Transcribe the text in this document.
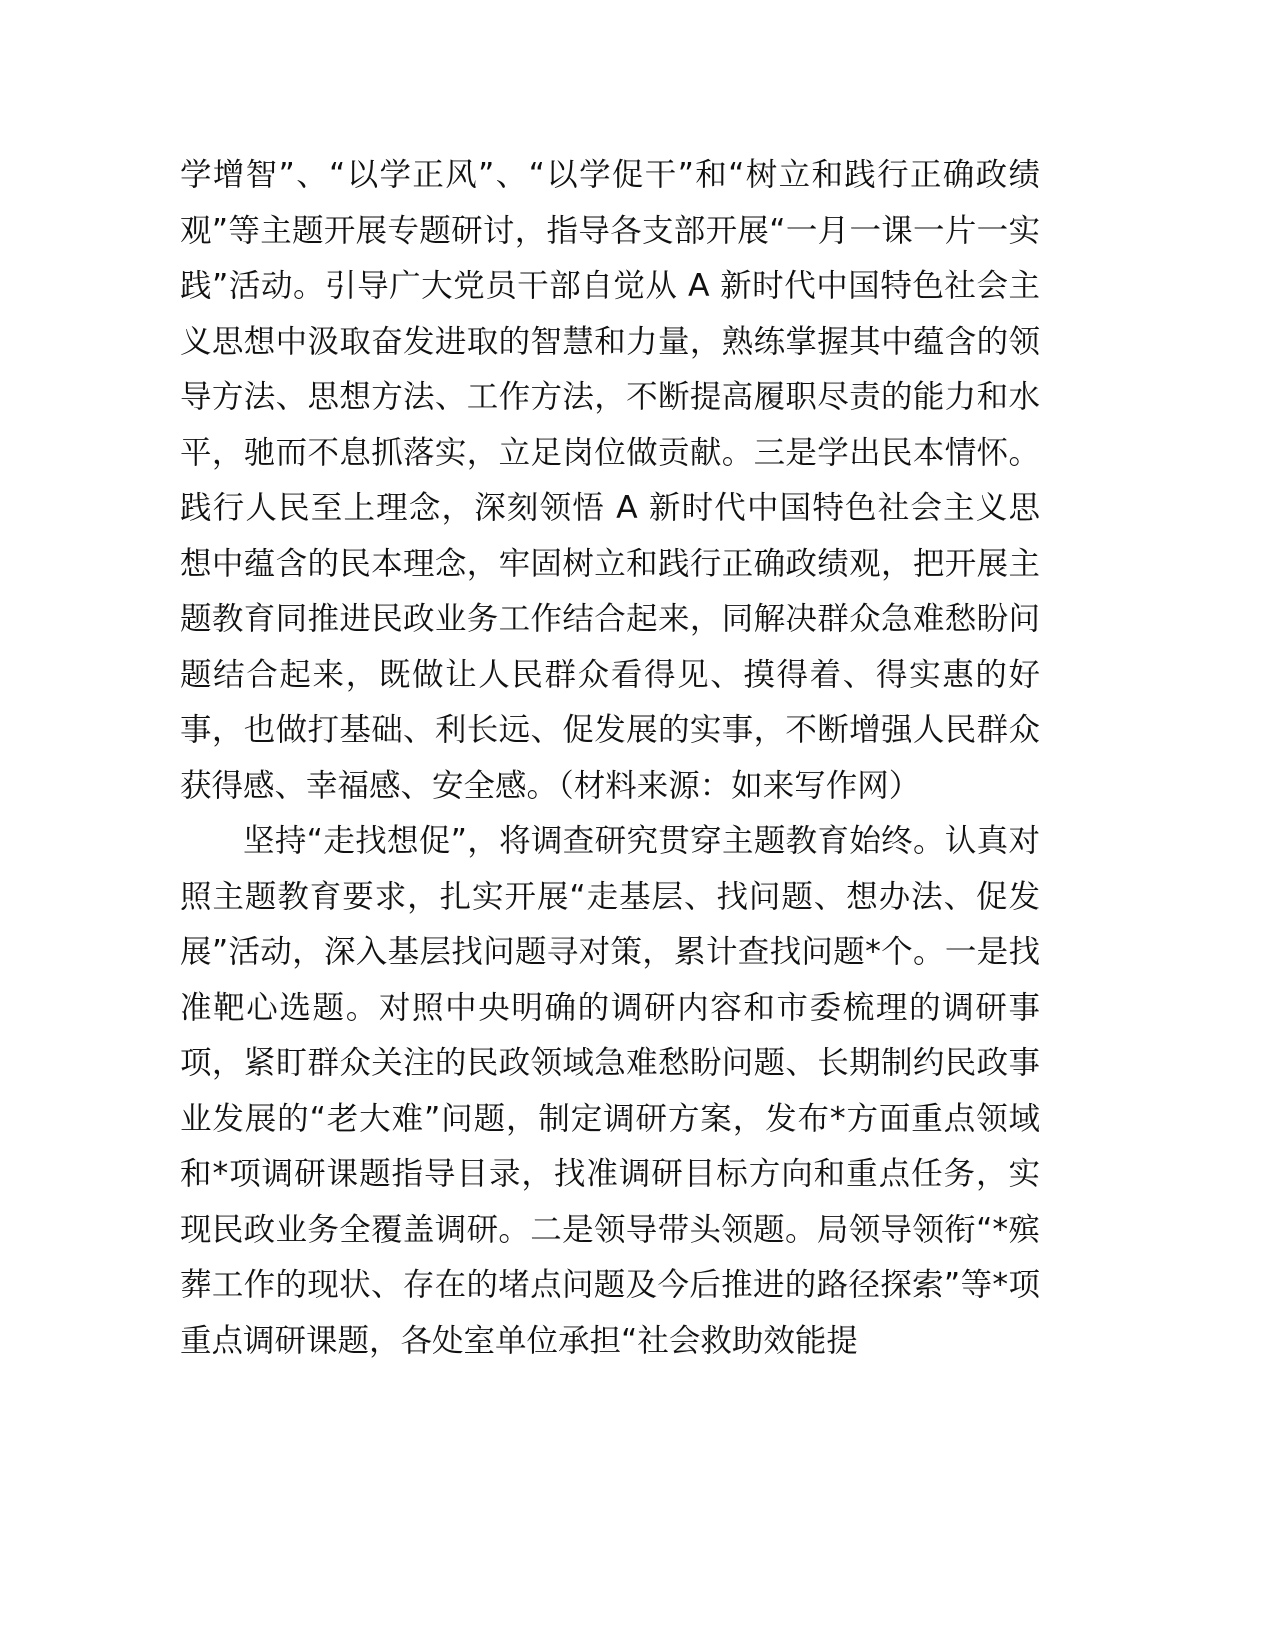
学增智”、“以学正风”、“以学促干”和“树立和践行正确政绩观”等主题开展专题研讨，指导各支部开展“一月一课一片一实践”活动。引导广大党员干部自觉从 A 新时代中国特色社会主义思想中汲取奋发进取的智慧和力量，熟练掌握其中蕴含的领导方法、思想方法、工作方法，不断提高履职尽责的能力和水平，驰而不息抓落实，立足岗位做贡献。三是学出民本情怀。践行人民至上理念，深刻领悟 A 新时代中国特色社会主义思想中蕴含的民本理念，牢固树立和践行正确政绩观，把开展主题教育同推进民政业务工作结合起来，同解决群众急难愁盼问题结合起来，既做让人民群众看得见、摸得着、得实惠的好事，也做打基础、利长远、促发展的实事，不断增强人民群众获得感、幸福感、安全感。（材料来源：如来写作网）

坚持“走找想促”，将调查研究贯穿主题教育始终。认真对照主题教育要求，扎实开展“走基层、找问题、想办法、促发展”活动，深入基层找问题寻对策，累计查找问题*个。一是找准靶心选题。对照中央明确的调研内容和市委梳理的调研事项，紧盯群众关注的民政领域急难愁盼问题、长期制约民政事业发展的“老大难”问题，制定调研方案，发布*方面重点领域和*项调研课题指导目录，找准调研目标方向和重点任务，实现民政业务全覆盖调研。二是领导带头领题。局领导领衔“*殡葬工作的现状、存在的堵点问题及今后推进的路径探索”等*项重点调研课题，各处室单位承担“社会救助效能提
